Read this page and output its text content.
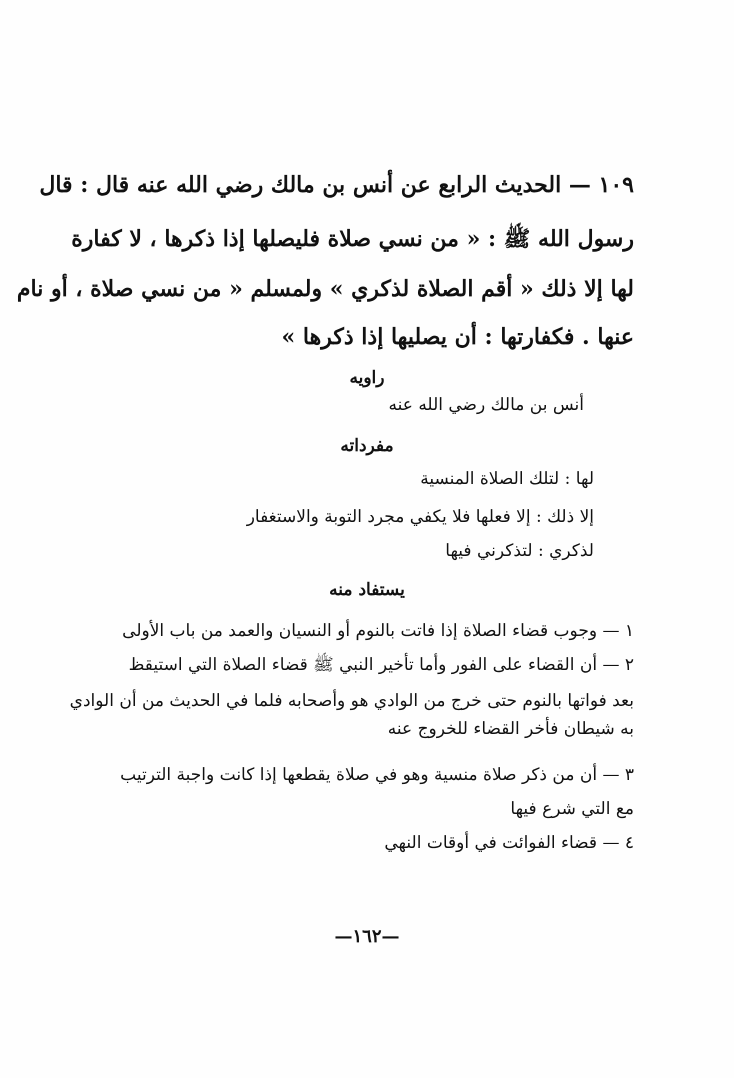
١٠٩ — الحديث الرابع عن أنس بن مالك رضي الله عنه قال : قال
رسول الله ﷺ : « من نسي صلاة فليصلها إذا ذكرها ، لا كفارة
لها إلا ذلك « أقم الصلاة لذكري » ولمسلم « من نسي صلاة ، أو نام
عنها . فكفارتها : أن يصليها إذا ذكرها »
راويه
أنس بن مالك رضي الله عنه
مفرداته
لها : لتلك الصلاة المنسية
إلا ذلك : إلا فعلها فلا يكفي مجرد التوبة والاستغفار
لذكري : لتذكرني فيها
يستفاد منه
١ — وجوب قضاء الصلاة إذا فاتت بالنوم أو النسيان والعمد من باب الأولى
٢ — أن القضاء على الفور وأما تأخير النبي ﷺ قضاء الصلاة التي استيقظ
بعد فواتها بالنوم حتى خرج من الوادي هو وأصحابه فلما في الحديث من أن الوادي
به شيطان فأخر القضاء للخروج عنه
٣ — أن من ذكر صلاة منسية وهو في صلاة يقطعها إذا كانت واجبة الترتيب
مع التي شرع فيها
٤ — قضاء الفوائت في أوقات النهي
—١٦٢—
